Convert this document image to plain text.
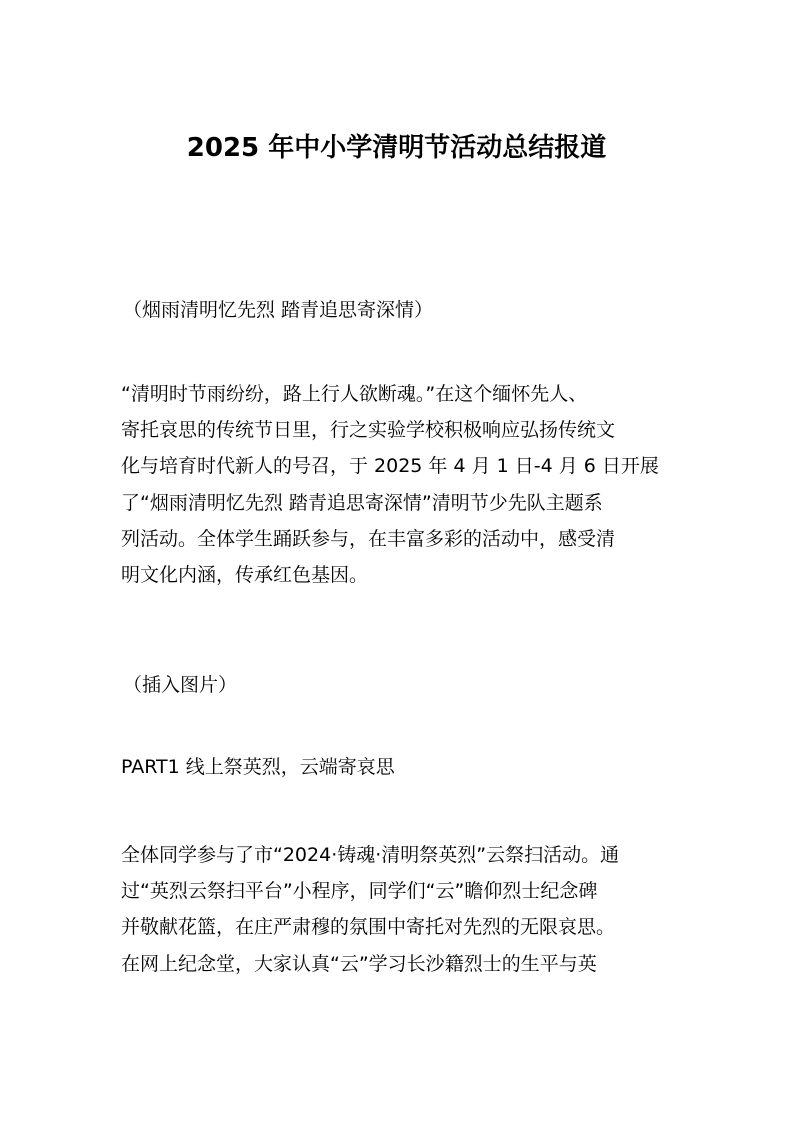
2025 年中小学清明节活动总结报道
（烟雨清明忆先烈 踏青追思寄深情）
“清明时节雨纷纷，路上行人欲断魂。”在这个缅怀先人、
寄托哀思的传统节日里，行之实验学校积极响应弘扬传统文
化与培育时代新人的号召，于 2025 年 4 月 1 日-4 月 6 日开展
了“烟雨清明忆先烈 踏青追思寄深情”清明节少先队主题系
列活动。全体学生踊跃参与，在丰富多彩的活动中，感受清
明文化内涵，传承红色基因。
（插入图片）
PART1 线上祭英烈，云端寄哀思
全体同学参与了市“2024·铸魂·清明祭英烈”云祭扫活动。通
过“英烈云祭扫平台”小程序，同学们“云”瞻仰烈士纪念碑
并敬献花篮，在庄严肃穆的氛围中寄托对先烈的无限哀思。
在网上纪念堂，大家认真“云”学习长沙籍烈士的生平与英
